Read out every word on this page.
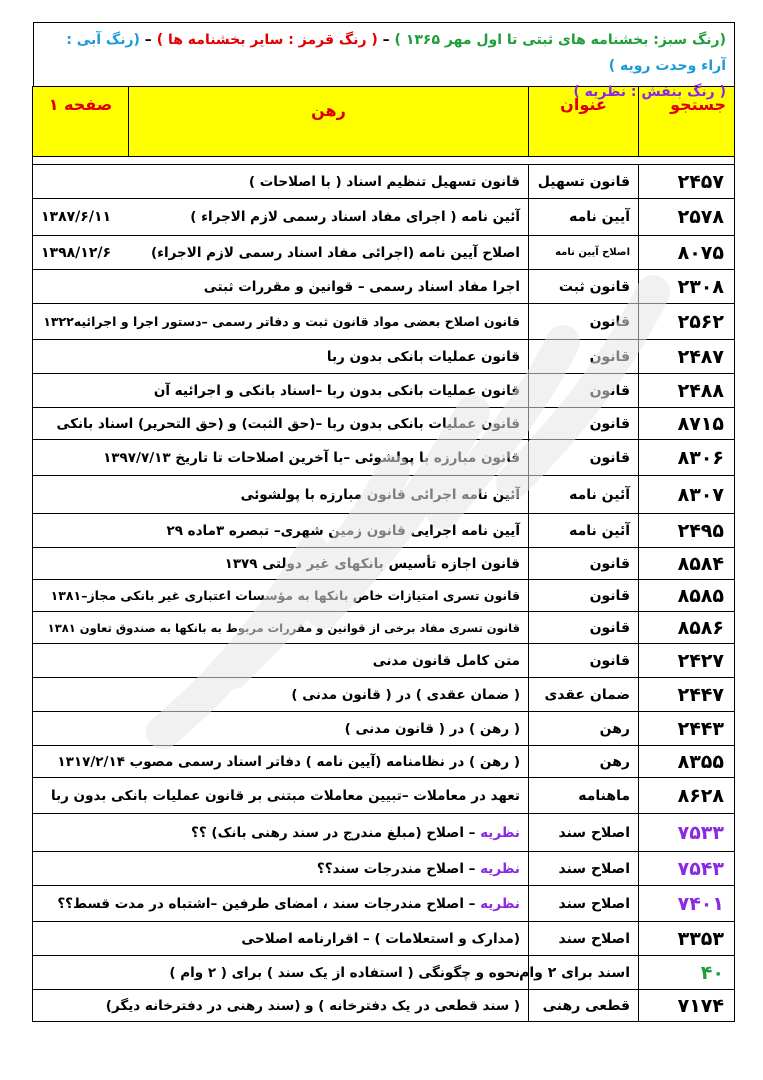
(رنگ سبز: بخشنامه های ثبتی تا اول مهر ۱۳۶۵ ) – ( رنگ قرمز : سایر بخشنامه ها ) – (رنگ آبی : آراء وحدت رویه )
( رنگ بنفش : نظریه )
جستجو	عنوان	رهن	صفحه ۱

۲۴۵۷	قانون تسهیل	قانون تسهیل تنظیم اسناد ( با اصلاحات )	
۲۵۷۸	آیین نامه	آئین نامه ( اجرای مفاد اسناد رسمی لازم الاجراء )	۱۳۸۷/۶/۱۱
۸۰۷۵	اصلاح آیین نامه	اصلاح آیین نامه (اجرائی مفاد اسناد رسمی لازم الاجراء)	۱۳۹۸/۱۲/۶
۲۳۰۸	قانون ثبت	اجرا مفاد اسناد رسمی – قوانین و مقررات ثبتی	
۲۵۶۲	قانون	قانون اصلاح بعضی مواد قانون ثبت و دفاتر رسمی –دستور اجرا و اجرائیه۱۳۲۲	
۲۴۸۷	قانون	قانون عملیات بانکی بدون ربا	
۲۴۸۸	قانون	قانون عملیات بانکی بدون ربا –اسناد بانکی و اجرائیه آن	
۸۷۱۵	قانون	قانون عملیات بانکی بدون ربا –(حق الثبت) و (حق التحریر) اسناد بانکی	
۸۳۰۶	قانون	قانون مبارزه با پولشوئی –با آخرین اصلاحات تا تاریخ ۱۳۹۷/۷/۱۳	
۸۳۰۷	آئین نامه	آئین نامه اجرائی قانون مبارزه با پولشوئی	
۲۴۹۵	آئین نامه	آیین نامه اجرایی قانون زمین شهری– تبصره ۳ماده ۲۹	
۸۵۸۴	قانون	قانون اجازه تأسیس بانکهای غیر دولتی ۱۳۷۹	
۸۵۸۵	قانون	قانون تسری امتیازات خاص بانکها به مؤسسات اعتباری غیر بانکی مجاز–۱۳۸۱	
۸۵۸۶	قانون	قانون تسری مفاد برخی از قوانین و مقررات مربوط به بانکها به صندوق تعاون ۱۳۸۱	
۲۴۲۷	قانون	متن کامل قانون مدنی	
۲۴۴۷	ضمان عقدی	( ضمان عقدی ) در ( قانون مدنی )	
۲۴۴۳	رهن	( رهن ) در ( قانون مدنی )	
۸۳۵۵	رهن	( رهن ) در نظامنامه (آیین نامه ) دفاتر اسناد رسمی مصوب ۱۳۱۷/۲/۱۴	
۸۶۲۸	ماهنامه	تعهد در معاملات –تبیین معاملات مبتنی بر قانون عملیات بانکی بدون ربا	
۷۵۳۳	اصلاح سند	نظریه – اصلاح (مبلغ مندرج در سند رهنی بانک) ؟؟	
۷۵۴۳	اصلاح سند	نظریه – اصلاح مندرجات سند؟؟	
۷۴۰۱	اصلاح سند	نظریه – اصلاح مندرجات سند ، امضای طرفین –اشتباه در مدت قسط؟؟	
۳۳۵۳	اصلاح سند	(مدارک و استعلامات ) – اقرارنامه اصلاحی	
۴۰	اسند برای ۲ وام	نحوه و چگونگی ( استفاده از یک سند ) برای ( ۲ وام )	
۷۱۷۴	قطعی رهنی	( سند قطعی در یک دفترخانه ) و (سند رهنی در دفترخانه دیگر)	
